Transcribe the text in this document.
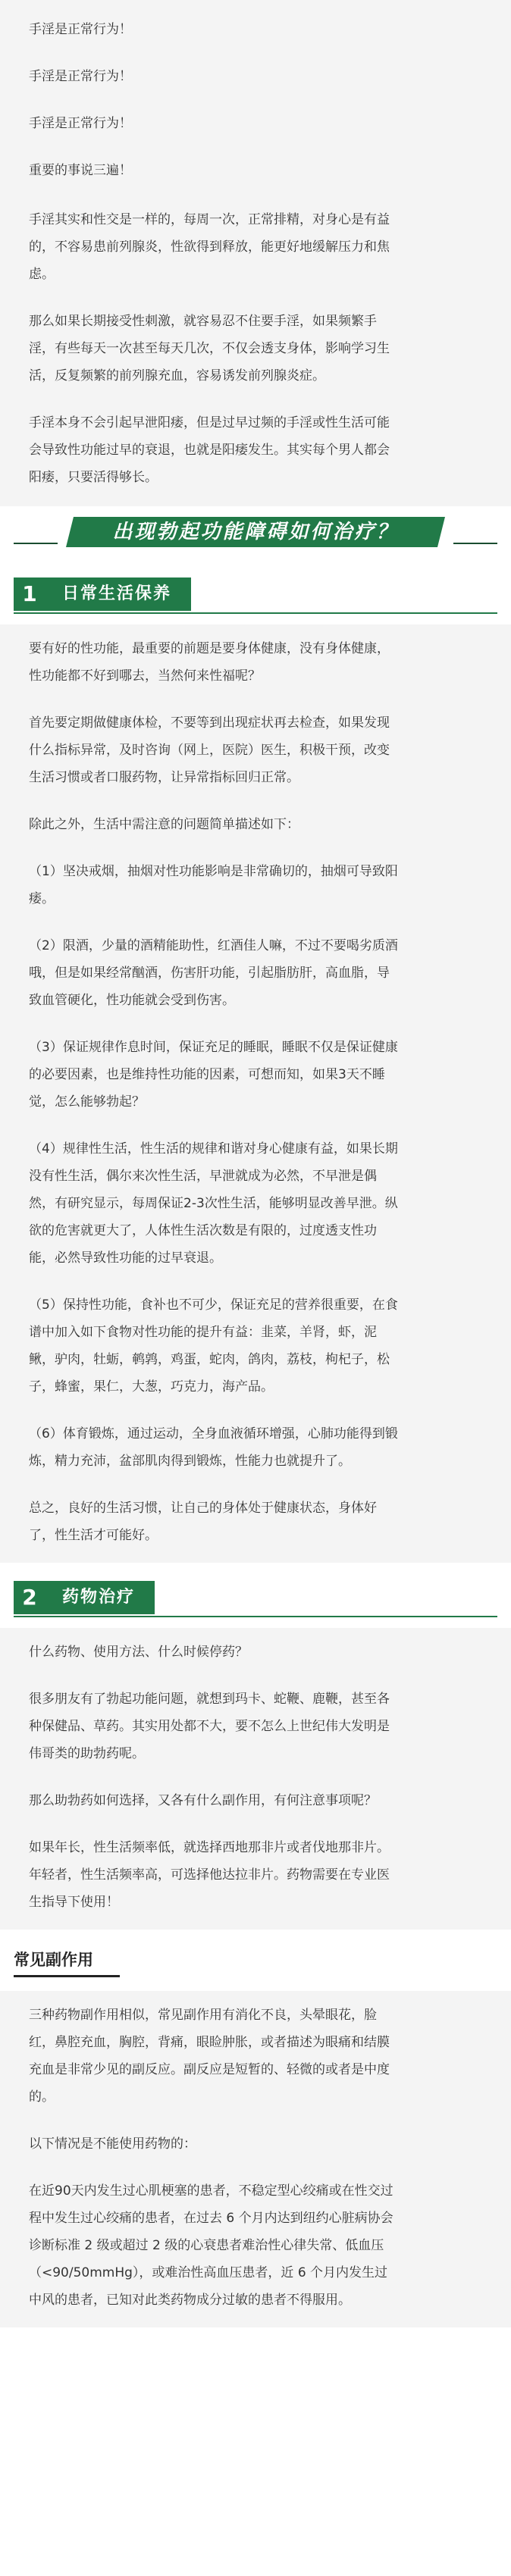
手淫是正常行为！

手淫是正常行为！

手淫是正常行为！

重要的事说三遍！

手淫其实和性交是一样的，每周一次，正常排精，对身心是有益

的，不容易患前列腺炎，性欲得到释放，能更好地缓解压力和焦

虑。

那么如果长期接受性刺激，就容易忍不住要手淫，如果频繁手

淫，有些每天一次甚至每天几次，不仅会透支身体，影响学习生

活，反复频繁的前列腺充血，容易诱发前列腺炎症。

手淫本身不会引起早泄阳痿，但是过早过频的手淫或性生活可能

会导致性功能过早的衰退，也就是阳痿发生。其实每个男人都会

阳痿，只要活得够长。

出现勃起功能障碍如何治疗？
1	日常生活保养

要有好的性功能，最重要的前题是要身体健康，没有身体健康，

性功能都不好到哪去，当然何来性福呢？

首先要定期做健康体检，不要等到出现症状再去检查，如果发现

什么指标异常，及时咨询（网上，医院）医生，积极干预，改变

生活习惯或者口服药物，让异常指标回归正常。

除此之外，生活中需注意的问题简单描述如下：

（1）坚决戒烟，抽烟对性功能影响是非常确切的，抽烟可导致阳

痿。

（2）限酒，少量的酒精能助性，红酒佳人嘛，不过不要喝劣质酒

哦，但是如果经常酗酒，伤害肝功能，引起脂肪肝，高血脂，导

致血管硬化，性功能就会受到伤害。

（3）保证规律作息时间，保证充足的睡眠，睡眠不仅是保证健康

的必要因素，也是维持性功能的因素，可想而知，如果3天不睡

觉，怎么能够勃起？

（4）规律性生活，性生活的规律和谐对身心健康有益，如果长期

没有性生活，偶尔来次性生活，早泄就成为必然，不早泄是偶

然，有研究显示，每周保证2-3次性生活，能够明显改善早泄。纵

欲的危害就更大了，人体性生活次数是有限的，过度透支性功

能，必然导致性功能的过早衰退。

（5）保持性功能，食补也不可少，保证充足的营养很重要，在食

谱中加入如下食物对性功能的提升有益：韭菜，羊肾，虾，泥

鳅，驴肉，牡蛎，鹌鹑，鸡蛋，蛇肉，鸽肉，荔枝，枸杞子，松

子，蜂蜜，果仁，大葱，巧克力，海产品。

（6）体育锻炼，通过运动，全身血液循环增强，心肺功能得到锻

炼，精力充沛，盆部肌肉得到锻炼，性能力也就提升了。

总之，良好的生活习惯，让自己的身体处于健康状态，身体好

了，性生活才可能好。

2	药物治疗

什么药物、使用方法、什么时候停药？

很多朋友有了勃起功能问题，就想到玛卡、蛇鞭、鹿鞭，甚至各

种保健品、草药。其实用处都不大，要不怎么上世纪伟大发明是

伟哥类的助勃药呢。

那么助勃药如何选择，又各有什么副作用，有何注意事项呢？

如果年长，性生活频率低，就选择西地那非片或者伐地那非片。

年轻者，性生活频率高，可选择他达拉非片。药物需要在专业医

生指导下使用！

常见副作用

三种药物副作用相似，常见副作用有消化不良，头晕眼花，脸

红，鼻腔充血，胸腔，背痛，眼睑肿胀，或者描述为眼痛和结膜

充血是非常少见的副反应。副反应是短暂的、轻微的或者是中度

的。

以下情况是不能使用药物的：

在近90天内发生过心肌梗塞的患者，不稳定型心绞痛或在性交过

程中发生过心绞痛的患者，在过去 6 个月内达到纽约心脏病协会

诊断标准 2 级或超过 2 级的心衰患者难治性心律失常、低血压

（<90/50mmHg），或难治性高血压患者，近 6 个月内发生过

中风的患者，已知对此类药物成分过敏的患者不得服用。
